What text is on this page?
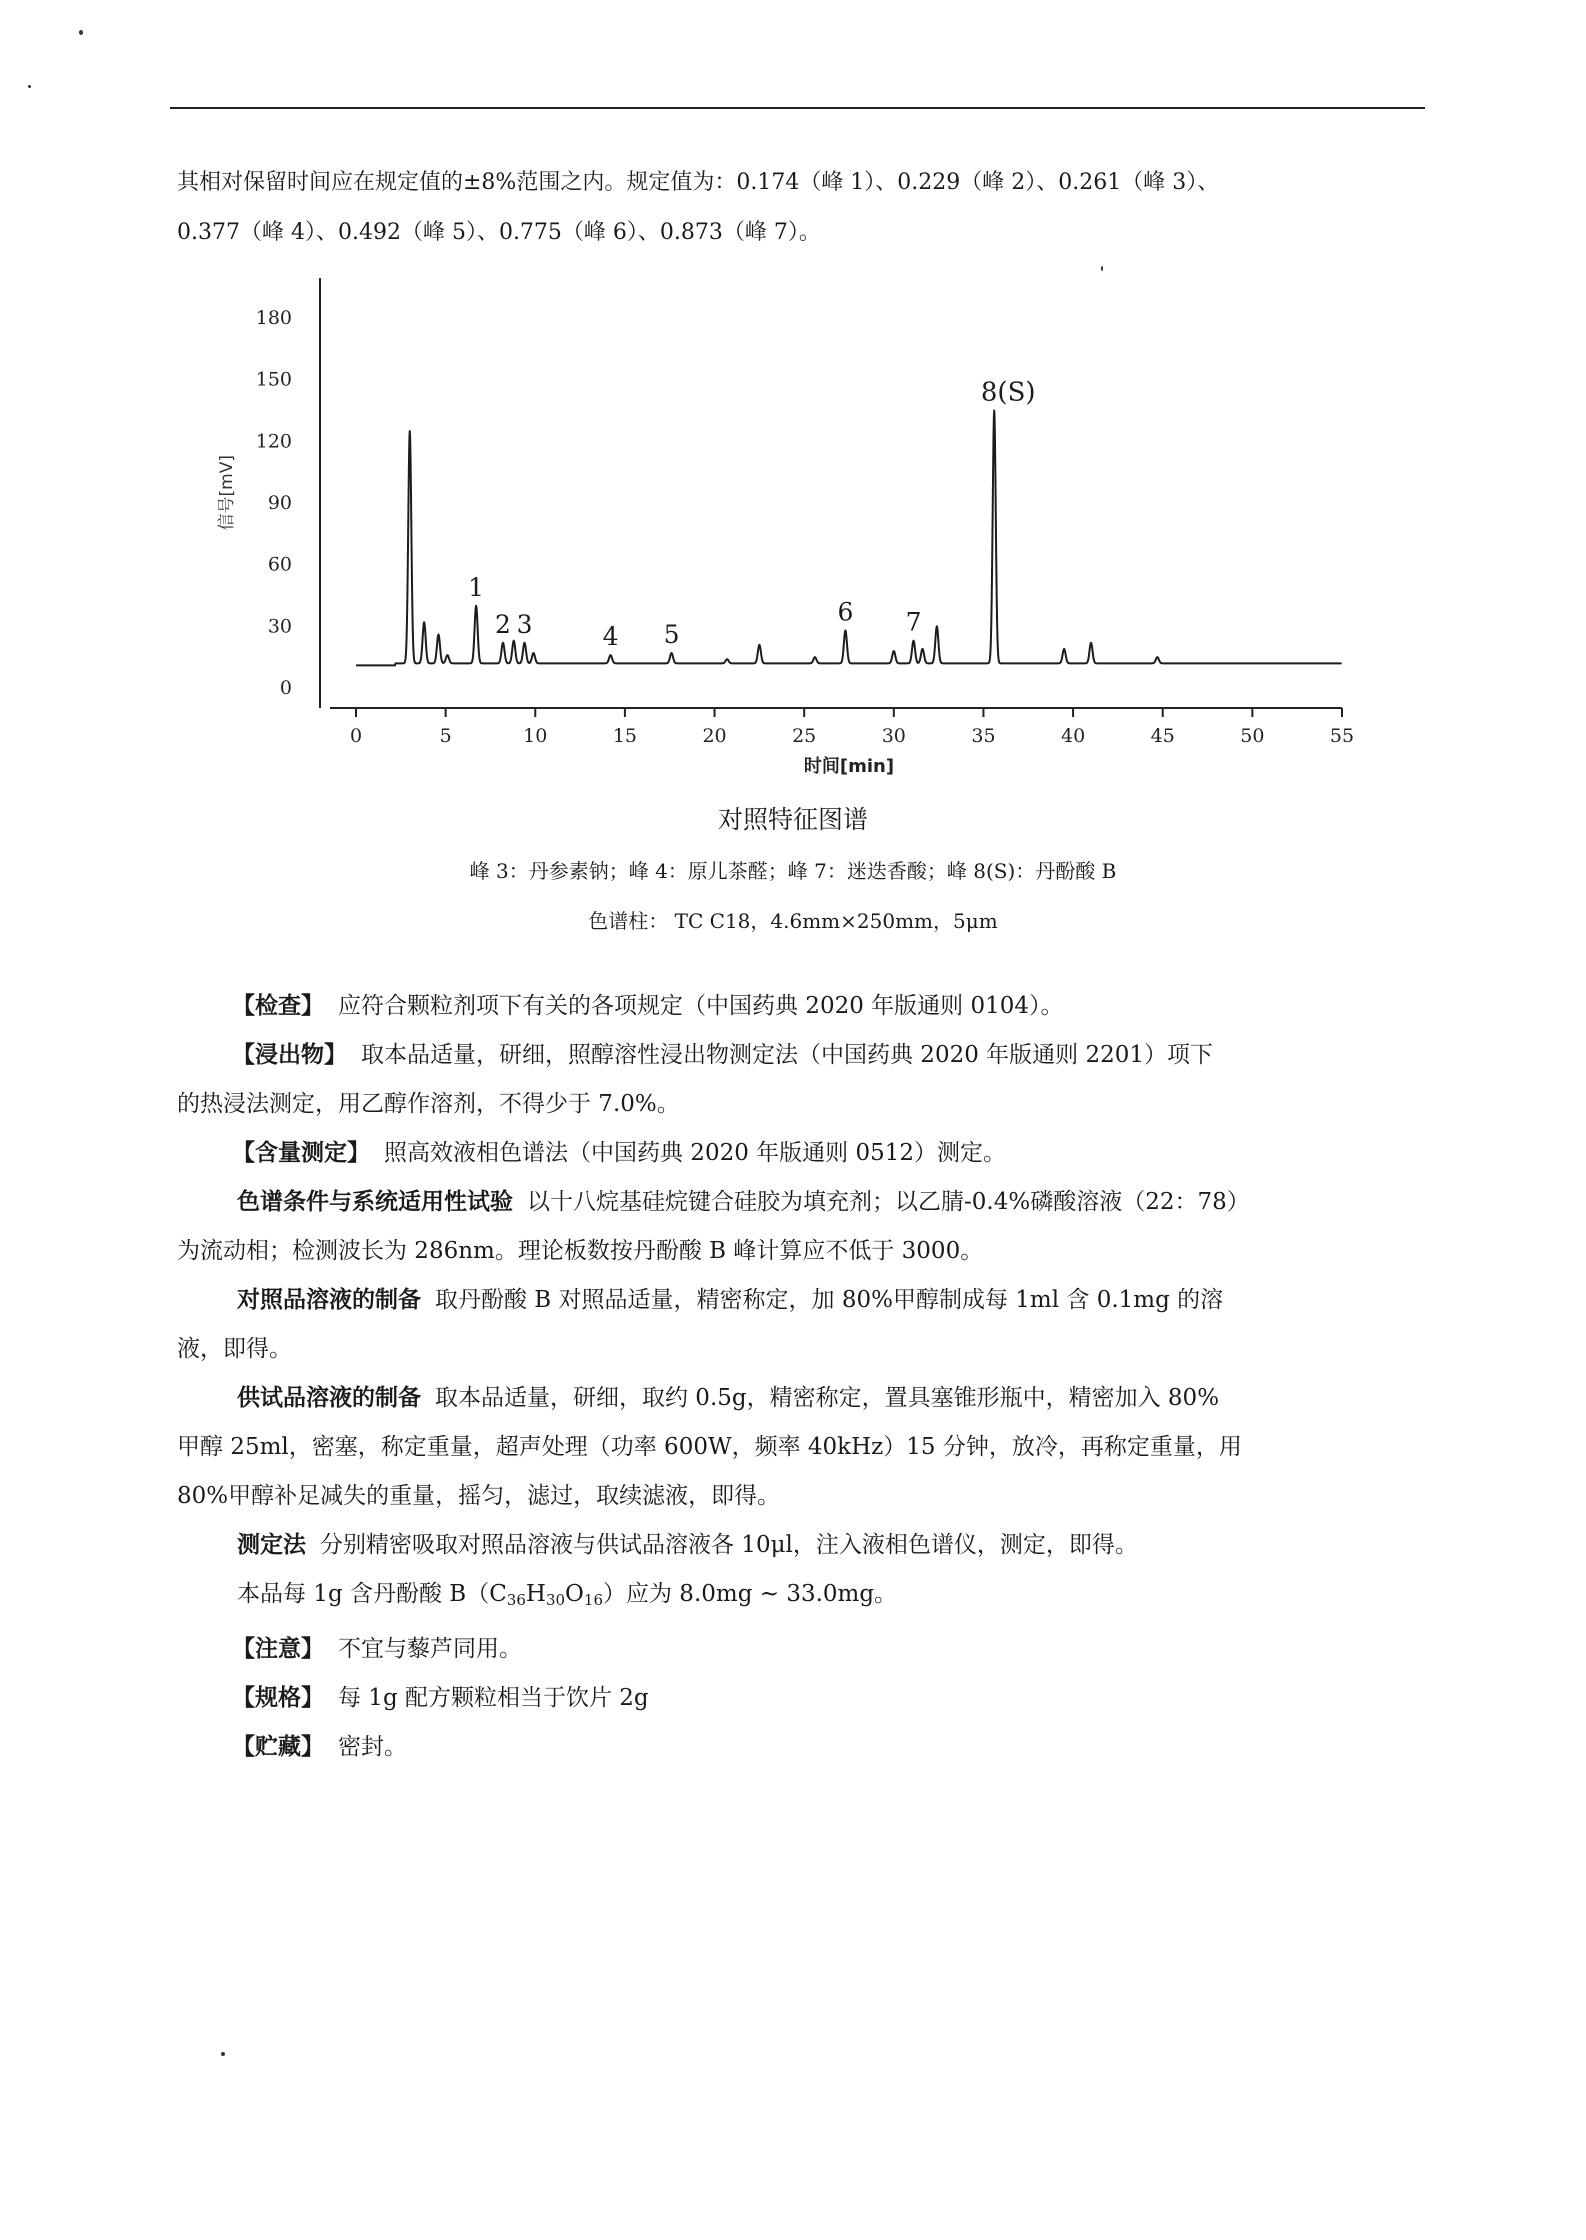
其相对保留时间应在规定值的±8%范围之内。规定值为：0.174（峰 1）、0.229（峰 2）、0.261（峰 3）、

0.377（峰 4）、0.492（峰 5）、0.775（峰 6）、0.873（峰 7）。

0
30
60
90
120
150
180
信号[mV]
0	5	10	15	20	25	30	35	40	45	50	55
时间[min]
1
2 3	4 5
6 7
8(S)
对照特征图谱
峰 3：丹参素钠；峰 4：原儿茶醛；峰 7：迷迭香酸；峰 8(S)：丹酚酸 B
色谱柱： TC C18，4.6mm×250mm，5μm

【检查】 应符合颗粒剂项下有关的各项规定（中国药典 2020 年版通则 0104）。

【浸出物】 取本品适量，研细，照醇溶性浸出物测定法（中国药典 2020 年版通则 2201）项下

的热浸法测定，用乙醇作溶剂，不得少于 7.0%。

【含量测定】 照高效液相色谱法（中国药典 2020 年版通则 0512）测定。

色谱条件与系统适用性试验 以十八烷基硅烷键合硅胶为填充剂；以乙腈-0.4%磷酸溶液（22：78）

为流动相；检测波长为 286nm。理论板数按丹酚酸 B 峰计算应不低于 3000。

对照品溶液的制备 取丹酚酸 B 对照品适量，精密称定，加 80%甲醇制成每 1ml 含 0.1mg 的溶

液，即得。

供试品溶液的制备 取本品适量，研细，取约 0.5g，精密称定，置具塞锥形瓶中，精密加入 80%

甲醇 25ml，密塞，称定重量，超声处理（功率 600W，频率 40kHz）15 分钟，放冷，再称定重量，用

80%甲醇补足减失的重量，摇匀，滤过，取续滤液，即得。

测定法 分别精密吸取对照品溶液与供试品溶液各 10μl，注入液相色谱仪，测定，即得。

本品每 1g 含丹酚酸 $B(C_{36}H_{30}O_{16})$应为 8.0mg ~ 33.0mg。

【注意】 不宜与藜芦同用。

【规格】 每 1g 配方颗粒相当于饮片 2g

【贮藏】 密封。
